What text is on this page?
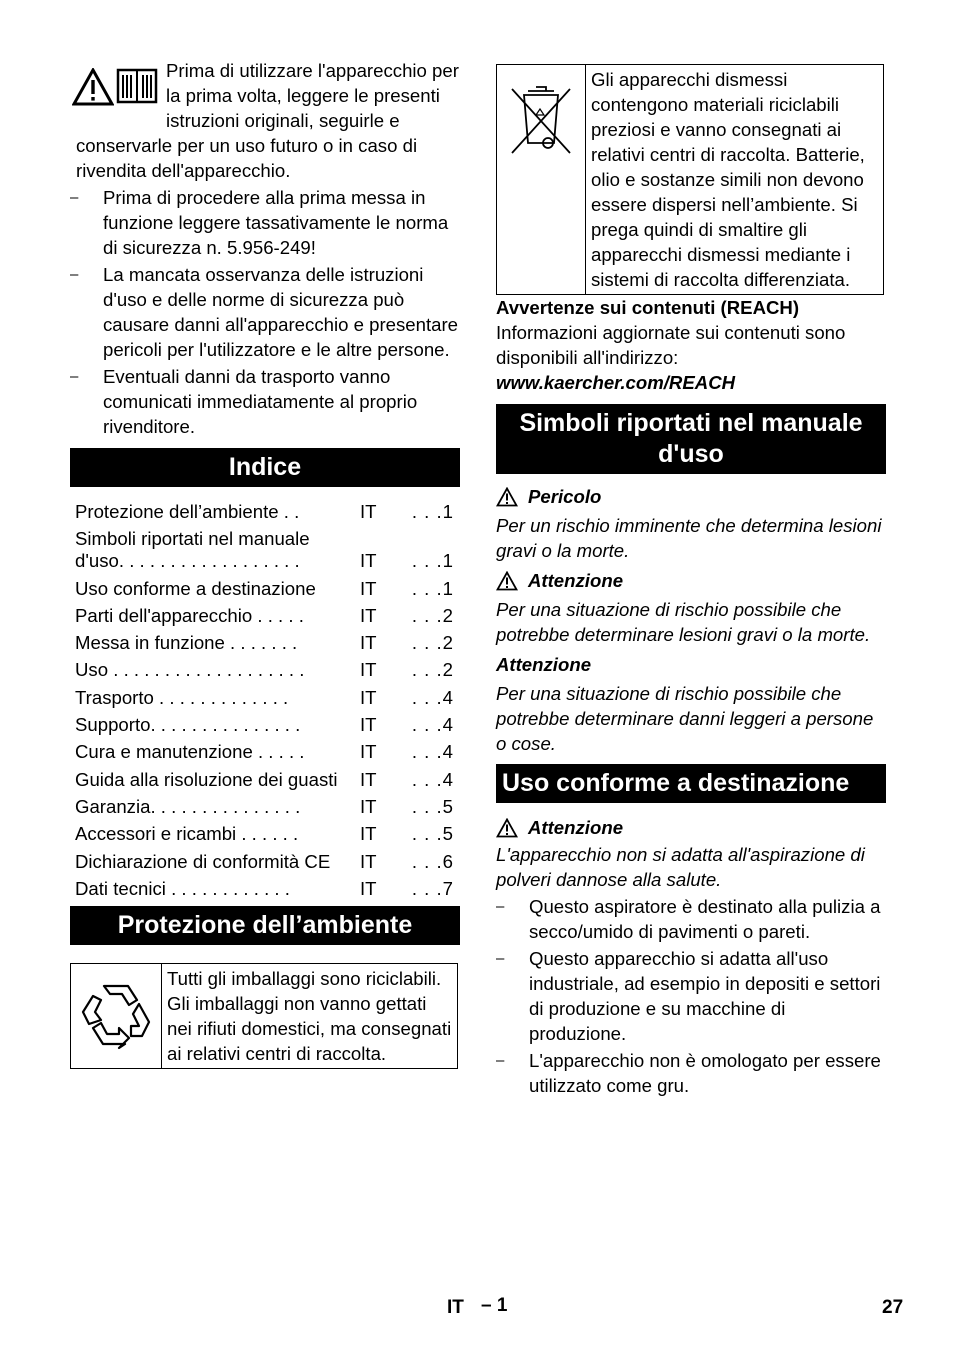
Prima di utilizzare l'apparecchio per la prima volta, leggere le presenti istruzioni originali, seguirle e conservarle per un uso futuro o in caso di rivendita dell'apparecchio.

– Prima di procedere alla prima messa in funzione leggere tassativamente le norma di sicurezza n. 5.956-249!
– La mancata osservanza delle istruzioni d'uso e delle norme di sicurezza può causare danni all'apparecchio e presentare pericoli per l'utilizzatore e le altre persone.
– Eventuali danni da trasporto vanno comunicati immediatamente al proprio rivenditore.
Indice
Protezione dell’ambiente . .	IT	. . .1
Simboli riportati nel manuale d'uso. . . . . . . . . . . . . . . . . .	IT	. . .1
Uso conforme a destinazione	IT	. . .1
Parti dell'apparecchio . . . . .	IT	. . .2
Messa in funzione . . . . . . .	IT	. . .2
Uso . . . . . . . . . . . . . . . . . . .	IT	. . .2
Trasporto . . . . . . . . . . . . .	IT	. . .4
Supporto. . . . . . . . . . . . . . .	IT	. . .4
Cura e manutenzione . . . . .	IT	. . .4
Guida alla risoluzione dei guasti	IT	. . .4
Garanzia. . . . . . . . . . . . . . .	IT	. . .5
Accessori e ricambi . . . . . .	IT	. . .5
Dichiarazione di conformità CE	IT	. . .6
Dati tecnici . . . . . . . . . . . .	IT	. . .7
Protezione dell’ambiente
Tutti gli imballaggi sono riciclabili. Gli imballaggi non vanno gettati nei rifiuti domestici, ma consegnati ai relativi centri di raccolta.
Gli apparecchi dismessi contengono materiali riciclabili preziosi e vanno consegnati ai relativi centri di raccolta. Batterie, olio e sostanze simili non devono essere dispersi nell’ambiente. Si prega quindi di smaltire gli apparecchi dismessi mediante i sistemi di raccolta differenziata.

Avvertenze sui contenuti (REACH)

Informazioni aggiornate sui contenuti sono disponibili all'indirizzo:

www.kaercher.com/REACH

Simboli riportati nel manuale d'uso
Pericolo

Per un rischio imminente che determina lesioni gravi o la morte.

Attenzione

Per una situazione di rischio possibile che potrebbe determinare lesioni gravi o la morte.

Attenzione

Per una situazione di rischio possibile che potrebbe determinare danni leggeri a persone o cose.

Uso conforme a destinazione
Attenzione

L'apparecchio non si adatta all'aspirazione di polveri dannose alla salute.

– Questo aspiratore è destinato alla pulizia a secco/umido di pavimenti o pareti.
– Questo apparecchio si adatta all'uso industriale, ad esempio in depositi e settori di produzione e su macchine di produzione.
– L'apparecchio non è omologato per essere utilizzato come gru.
IT – 1	27
